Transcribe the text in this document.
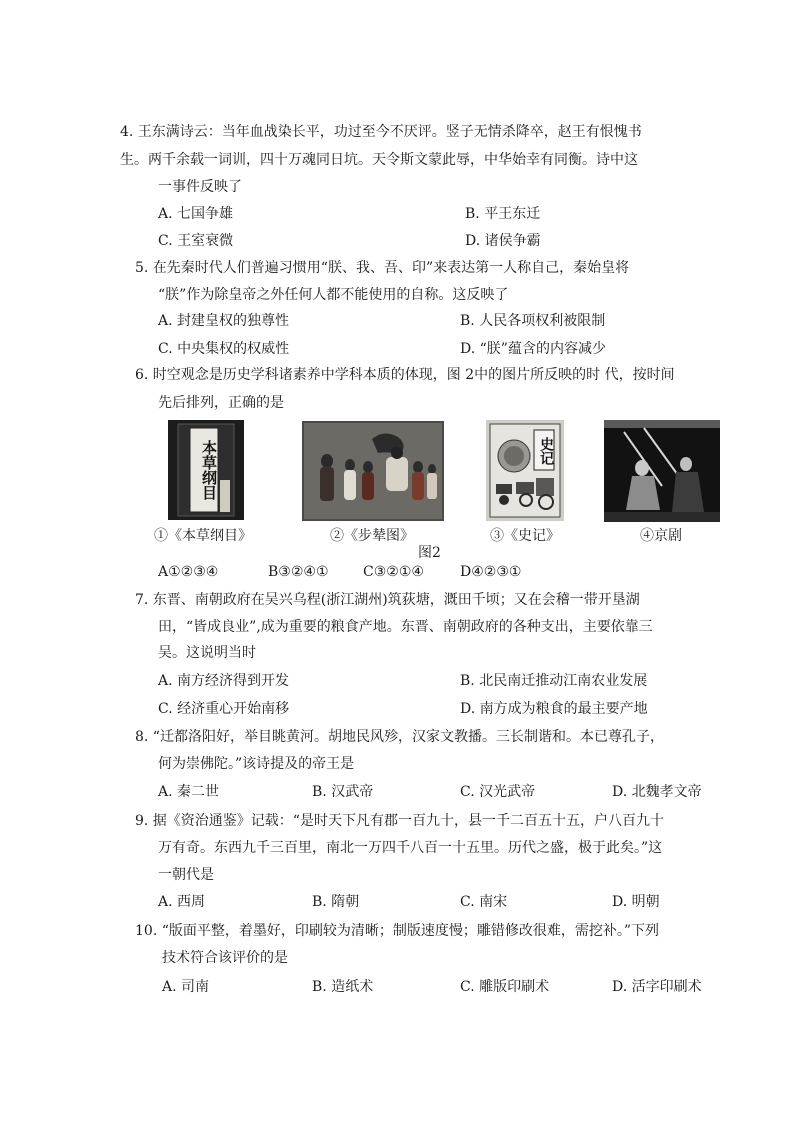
4. 王东满诗云：当年血战染长平，功过至今不厌评。竖子无情杀降卒，赵王有恨愧书
生。两千余载一词训，四十万魂同日坑。天令斯文蒙此辱，中华始幸有同衡。诗中这
一事件反映了
A. 七国争雄	B. 平王东迁
C. 王室衰微	D. 诸侯争霸
5. 在先秦时代人们普遍习惯用“朕、我、吾、印”来表达第一人称自己，秦始皇将
“朕”作为除皇帝之外任何人都不能使用的自称。这反映了
A. 封建皇权的独尊性	B. 人民各项权利被限制
C. 中央集权的权威性	D. “朕”蕴含的内容减少
6. 时空观念是历史学科诸素养中学科本质的体现，图 2中的图片所反映的时 代，按时间
先后排列，正确的是
本草纲目	史记
①《本草纲目》	②《步辇图》	③《史记》	④京剧
图2
A①②③④	B③②④① C③②①④	D④②③①
7. 东晋、南朝政府在吴兴乌程(浙江湖州)筑荻塘，溉田千顷；又在会稽一带开垦湖
田，“皆成良业”,成为重要的粮食产地。东晋、南朝政府的各种支出，主要依靠三
吴。这说明当时
A. 南方经济得到开发	B. 北民南迁推动江南农业发展
C. 经济重心开始南移	D. 南方成为粮食的最主要产地
8. “迁都洛阳好，举目眺黄河。胡地民风殄，汉家文教播。三长制谐和。本已尊孔子，
何为崇佛陀。”该诗提及的帝王是
A. 秦二世	B. 汉武帝	C. 汉光武帝	D. 北魏孝文帝
9. 据《资治通鉴》记载：“是时天下凡有郡一百九十，县一千二百五十五，户八百九十
万有奇。东西九千三百里，南北一万四千八百一十五里。历代之盛，极于此矣。”这
一朝代是
A. 西周	B. 隋朝	C. 南宋	D. 明朝
10. “版面平整，着墨好，印刷较为清晰；制版速度慢；雕错修改很难，需挖补。”下列
技术符合该评价的是
A. 司南	B. 造纸术	C. 雕版印刷术	D. 活字印刷术
